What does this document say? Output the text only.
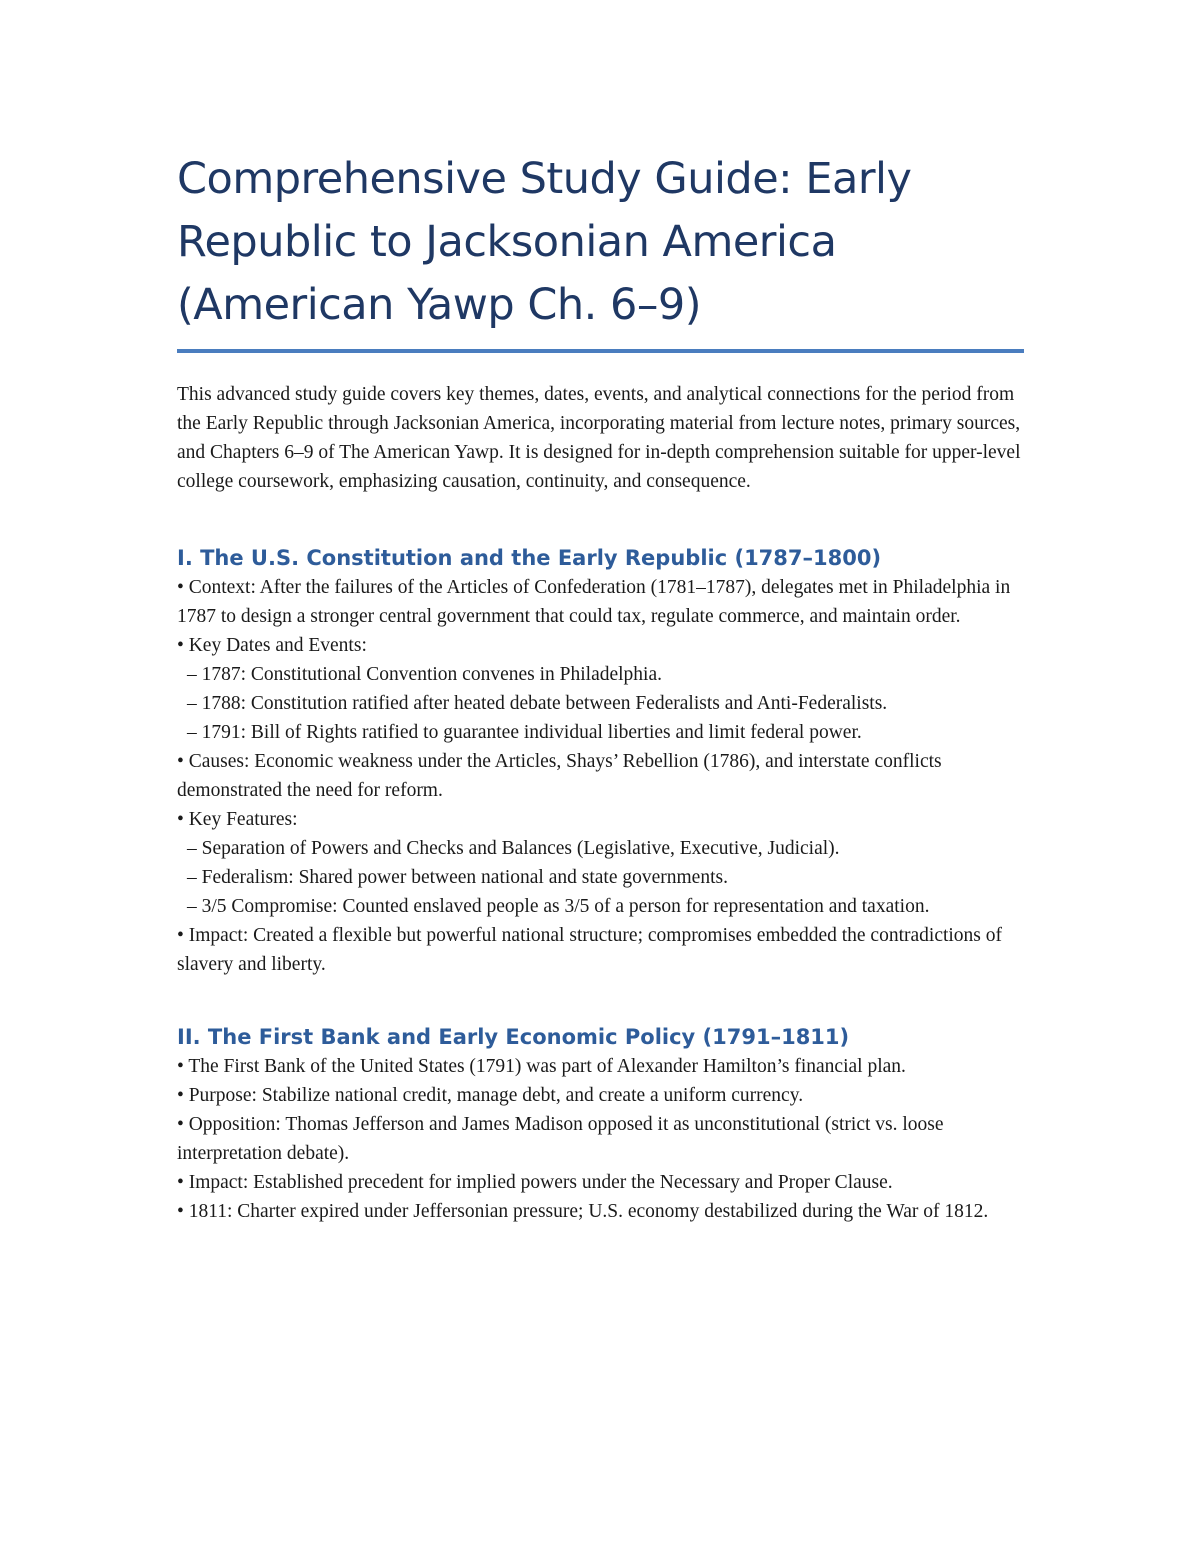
Comprehensive Study Guide: Early
Republic to Jacksonian America
(American Yawp Ch. 6–9)

This advanced study guide covers key themes, dates, events, and analytical connections for the period from the Early Republic through Jacksonian America, incorporating material from lecture notes, primary sources, and Chapters 6–9 of The American Yawp. It is designed for in-depth comprehension suitable for upper-level college coursework, emphasizing causation, continuity, and consequence.

I. The U.S. Constitution and the Early Republic (1787–1800)
• Context: After the failures of the Articles of Confederation (1781–1787), delegates met in Philadelphia in 1787 to design a stronger central government that could tax, regulate commerce, and maintain order.
• Key Dates and Events:
– 1787: Constitutional Convention convenes in Philadelphia.
– 1788: Constitution ratified after heated debate between Federalists and Anti-Federalists.
– 1791: Bill of Rights ratified to guarantee individual liberties and limit federal power.
• Causes: Economic weakness under the Articles, Shays’ Rebellion (1786), and interstate conflicts demonstrated the need for reform.
• Key Features:
– Separation of Powers and Checks and Balances (Legislative, Executive, Judicial).
– Federalism: Shared power between national and state governments.
– 3/5 Compromise: Counted enslaved people as 3/5 of a person for representation and taxation.
• Impact: Created a flexible but powerful national structure; compromises embedded the contradictions of slavery and liberty.
II. The First Bank and Early Economic Policy (1791–1811)
• The First Bank of the United States (1791) was part of Alexander Hamilton’s financial plan.
• Purpose: Stabilize national credit, manage debt, and create a uniform currency.
• Opposition: Thomas Jefferson and James Madison opposed it as unconstitutional (strict vs. loose interpretation debate).
• Impact: Established precedent for implied powers under the Necessary and Proper Clause.
• 1811: Charter expired under Jeffersonian pressure; U.S. economy destabilized during the War of 1812.
